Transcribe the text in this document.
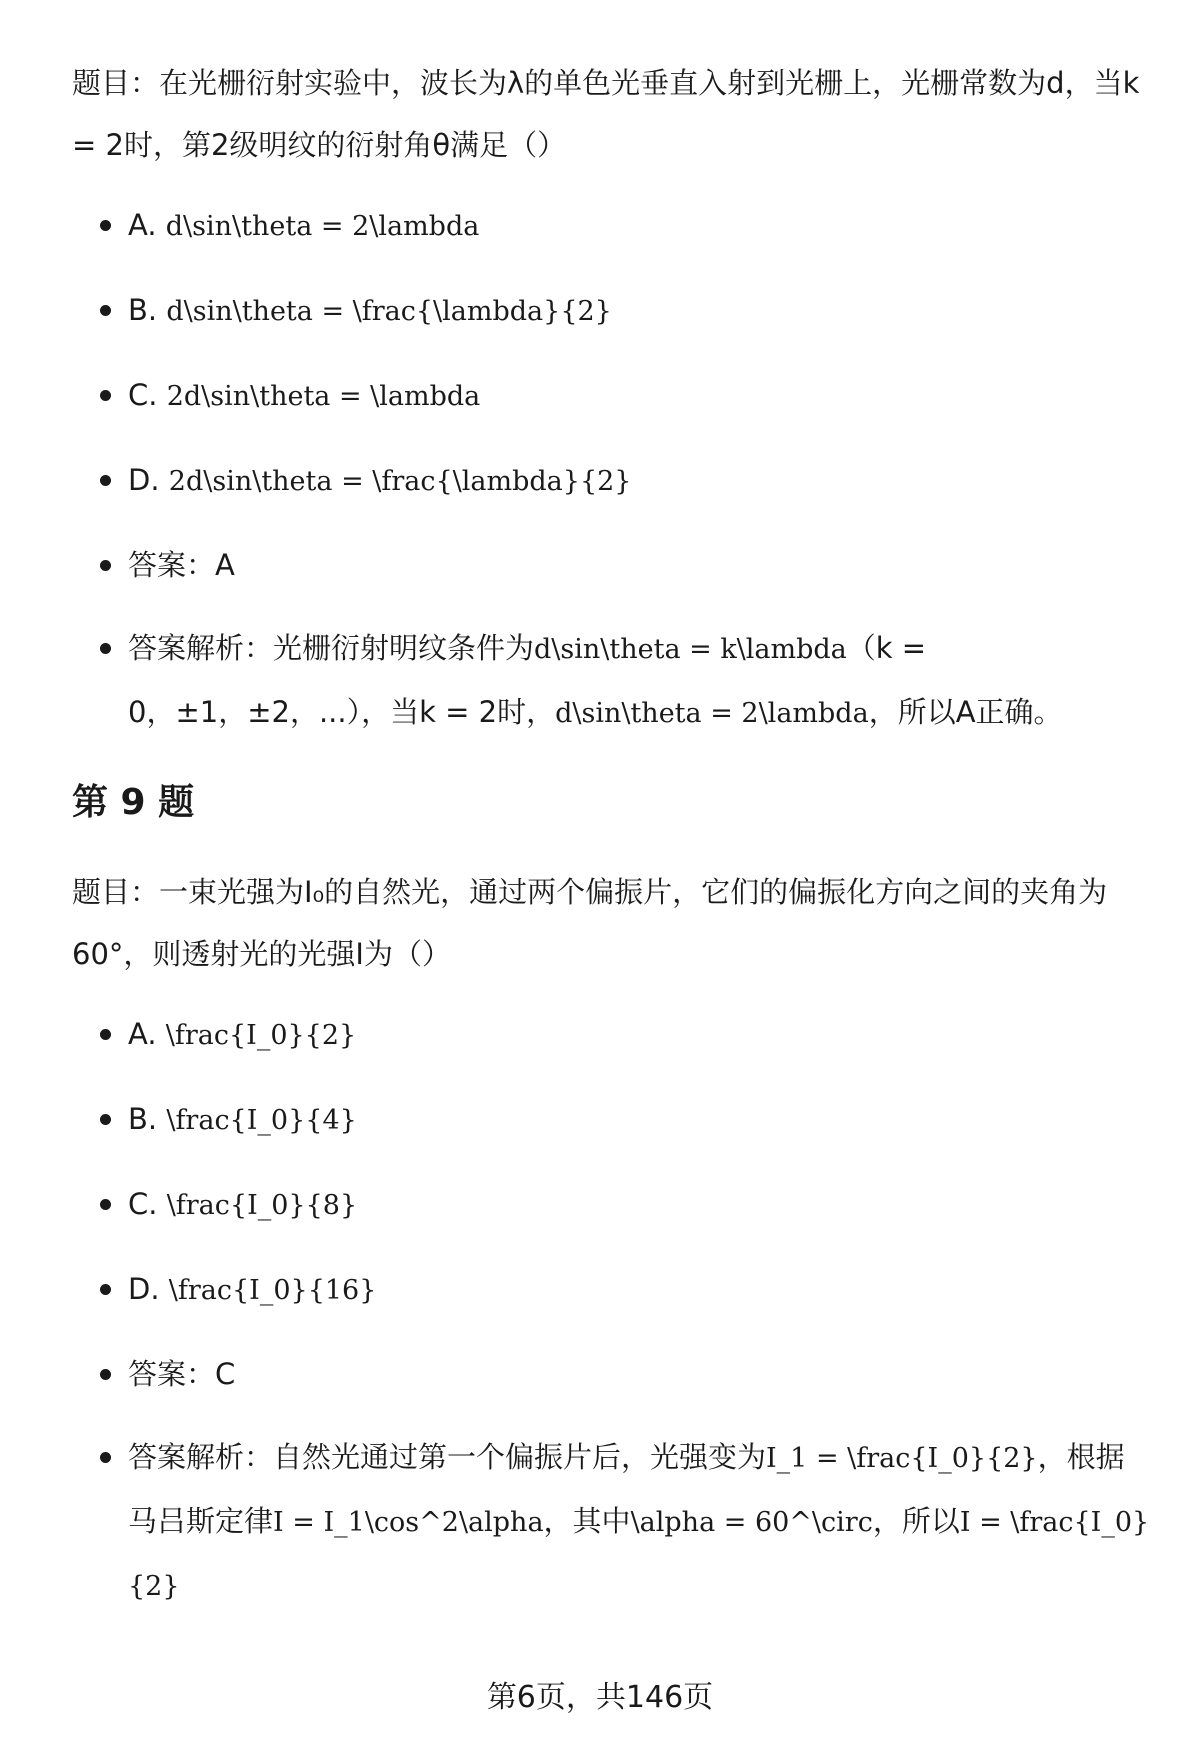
题目：在光栅衍射实验中，波长为λ的单色光垂直入射到光栅上，光栅常数为d，当k = 2时，第2级明纹的衍射角θ满足（）

A. d\sin\theta = 2\lambda
B. d\sin\theta = \frac{\lambda}{2}
C. 2d\sin\theta = \lambda
D. 2d\sin\theta = \frac{\lambda}{2}
答案：A
答案解析：光栅衍射明纹条件为d\sin\theta = k\lambda（k = 0，±1，±2，...），当k = 2时，d\sin\theta = 2\lambda，所以A正确。
第 9 题

题目：一束光强为I₀的自然光，通过两个偏振片，它们的偏振化方向之间的夹角为60°，则透射光的光强I为（）

A. \frac{I_0}{2}
B. \frac{I_0}{4}
C. \frac{I_0}{8}
D. \frac{I_0}{16}
答案：C
答案解析：自然光通过第一个偏振片后，光强变为I_1 = \frac{I_0}{2}，根据马吕斯定律I = I_1\cos^2\alpha，其中\alpha = 60^\circ，所以I = \frac{I_0}{2}
第6页，共146页
